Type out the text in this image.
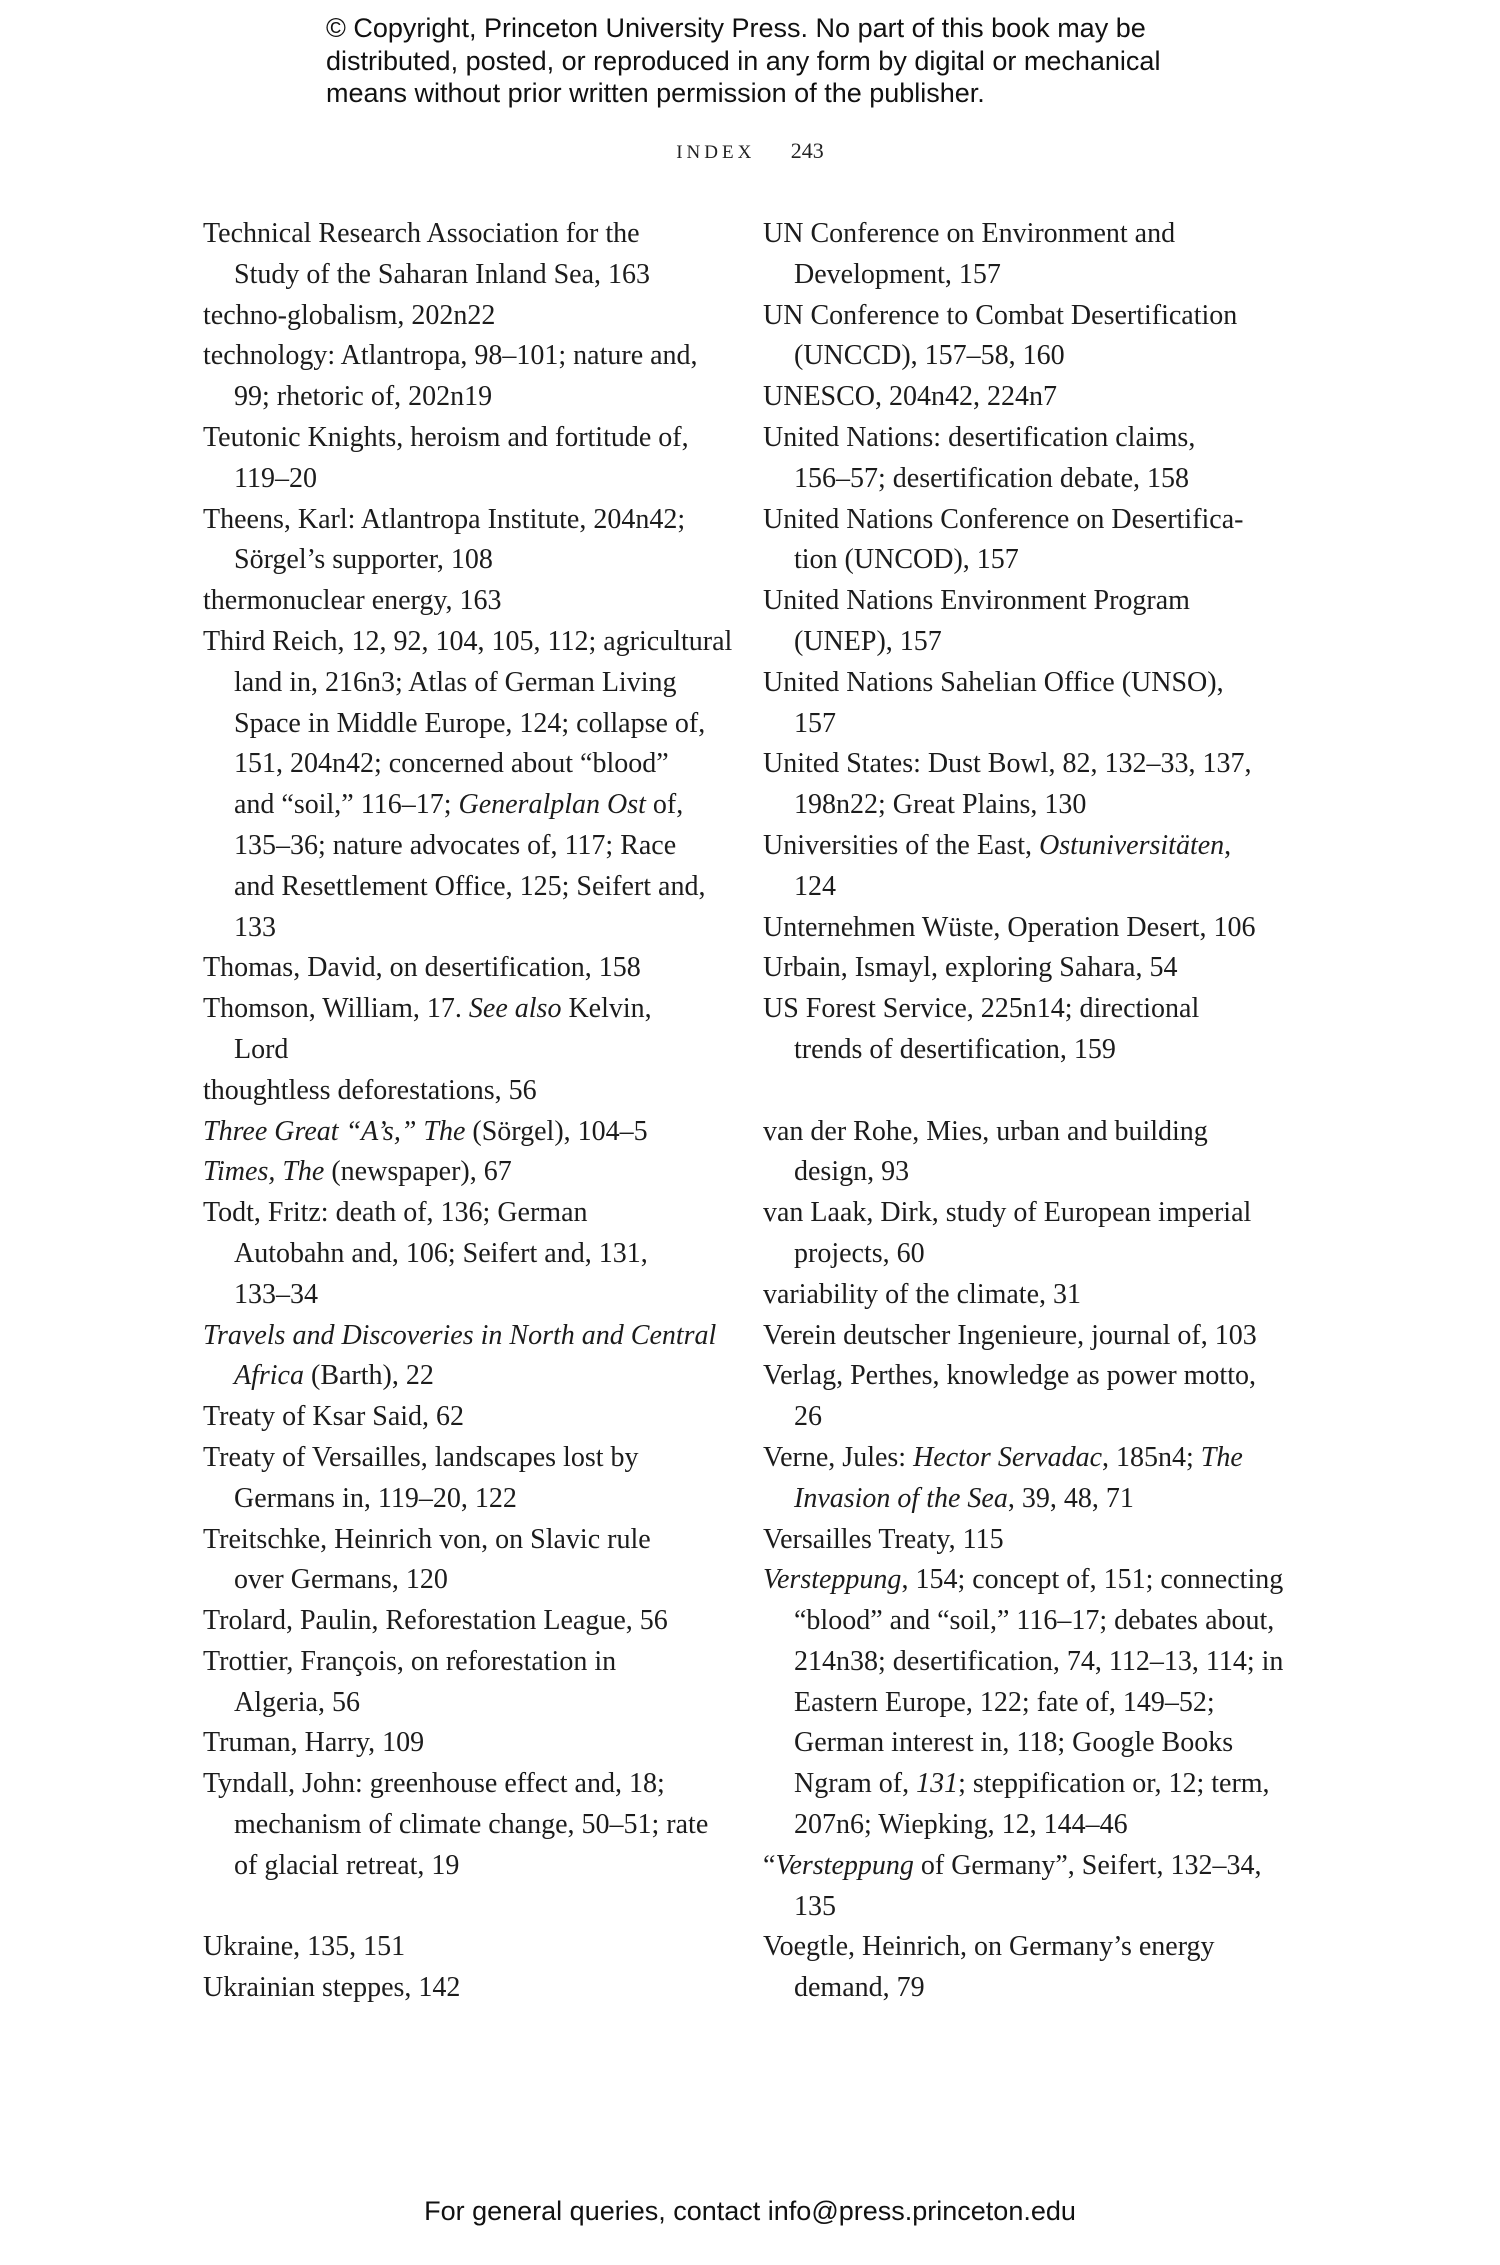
© Copyright, Princeton University Press. No part of this book may be
distributed, posted, or reproduced in any form by digital or mechanical
means without prior written permission of the publisher.
INDEX 243
Technical Research Association for the
Study of the Saharan Inland Sea, 163
techno-globalism, 202n22
technology: Atlantropa, 98–101; nature and,
99; rhetoric of, 202n19
Teutonic Knights, heroism and fortitude of,
119–20
Theens, Karl: Atlantropa Institute, 204n42;
Sörgel’s supporter, 108
thermonuclear energy, 163
Third Reich, 12, 92, 104, 105, 112; agricultural
land in, 216n3; Atlas of German Living
Space in Middle Europe, 124; collapse of,
151, 204n42; concerned about “blood”
and “soil,” 116–17; Generalplan Ost of,
135–36; nature advocates of, 117; Race
and Resettlement Office, 125; Seifert and,
133
Thomas, David, on desertification, 158
Thomson, William, 17. See also Kelvin,
Lord
thoughtless deforestations, 56
Three Great “A’s,” The (Sörgel), 104–5
Times, The (newspaper), 67
Todt, Fritz: death of, 136; German
Autobahn and, 106; Seifert and, 131,
133–34
Travels and Discoveries in North and Central
Africa (Barth), 22
Treaty of Ksar Said, 62
Treaty of Versailles, landscapes lost by
Germans in, 119–20, 122
Treitschke, Heinrich von, on Slavic rule
over Germans, 120
Trolard, Paulin, Reforestation League, 56
Trottier, François, on reforestation in
Algeria, 56
Truman, Harry, 109
Tyndall, John: greenhouse effect and, 18;
mechanism of climate change, 50–51; rate
of glacial retreat, 19
Ukraine, 135, 151
Ukrainian steppes, 142
UN Conference on Environment and
Development, 157
UN Conference to Combat Desertification
(UNCCD), 157–58, 160
UNESCO, 204n42, 224n7
United Nations: desertification claims,
156–57; desertification debate, 158
United Nations Conference on Desertifica-
tion (UNCOD), 157
United Nations Environment Program
(UNEP), 157
United Nations Sahelian Office (UNSO),
157
United States: Dust Bowl, 82, 132–33, 137,
198n22; Great Plains, 130
Universities of the East, Ostuniversitäten,
124
Unternehmen Wüste, Operation Desert, 106
Urbain, Ismayl, exploring Sahara, 54
US Forest Service, 225n14; directional
trends of desertification, 159
van der Rohe, Mies, urban and building
design, 93
van Laak, Dirk, study of European imperial
projects, 60
variability of the climate, 31
Verein deutscher Ingenieure, journal of, 103
Verlag, Perthes, knowledge as power motto,
26
Verne, Jules: Hector Servadac, 185n4; The
Invasion of the Sea, 39, 48, 71
Versailles Treaty, 115
Versteppung, 154; concept of, 151; connecting
“blood” and “soil,” 116–17; debates about,
214n38; desertification, 74, 112–13, 114; in
Eastern Europe, 122; fate of, 149–52;
German interest in, 118; Google Books
Ngram of, 131; steppification or, 12; term,
207n6; Wiepking, 12, 144–46
“Versteppung of Germany”, Seifert, 132–34,
135
Voegtle, Heinrich, on Germany’s energy
demand, 79
For general queries, contact info@press.princeton.edu
